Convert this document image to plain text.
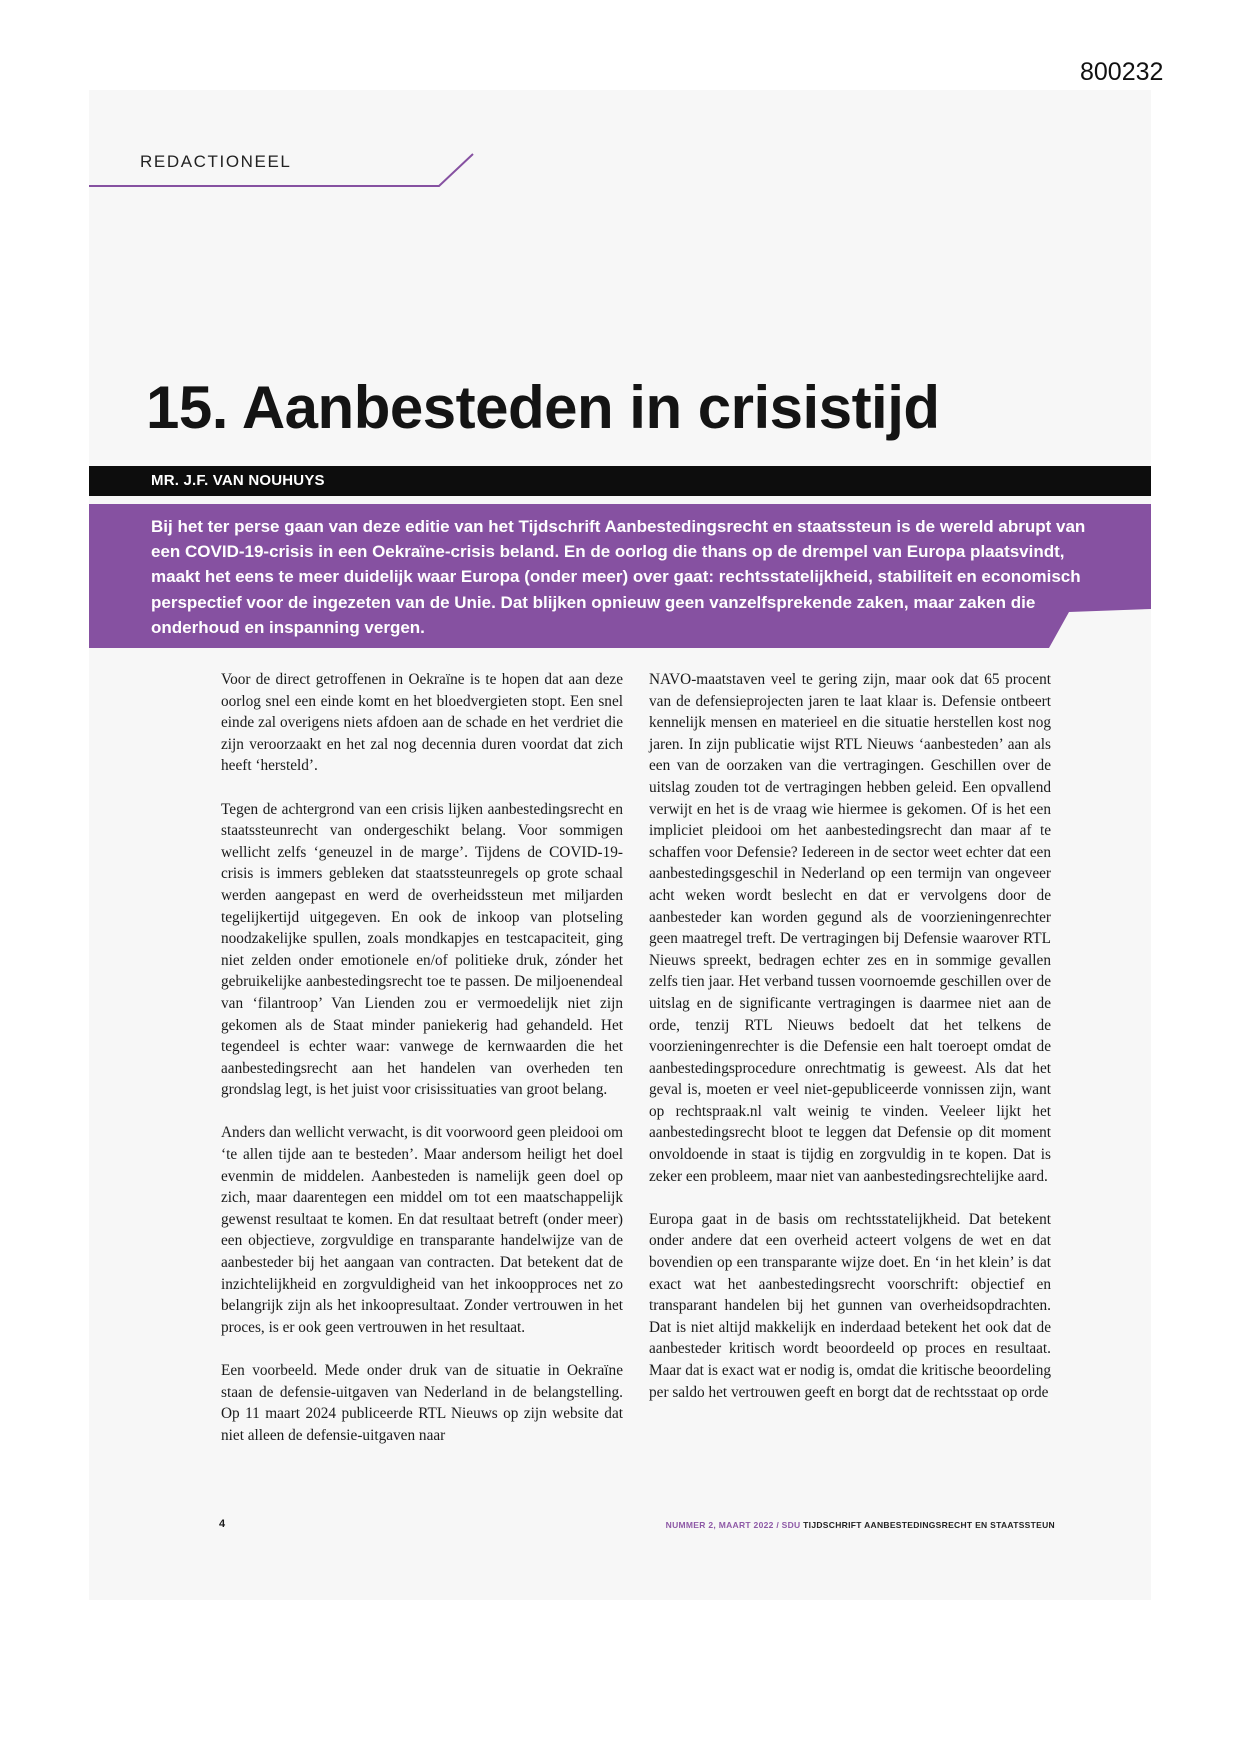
800232

REDACTIONEEL

15. Aanbesteden in crisistijd

MR. J.F. VAN NOUHUYS

Bij het ter perse gaan van deze editie van het Tijdschrift Aanbestedingsrecht en staatssteun is de wereld abrupt van een COVID-19-crisis in een Oekraïne-crisis beland. En de oorlog die thans op de drempel van Europa plaatsvindt, maakt het eens te meer duidelijk waar Europa (onder meer) over gaat: rechtsstatelijkheid, stabiliteit en economisch perspectief voor de ingezeten van de Unie. Dat blijken opnieuw geen vanzelfsprekende zaken, maar zaken die onderhoud en inspanning vergen.

Voor de direct getroffenen in Oekraïne is te hopen dat aan deze oorlog snel een einde komt en het bloedvergieten stopt. Een snel einde zal overigens niets afdoen aan de schade en het verdriet die zijn veroorzaakt en het zal nog decennia duren voordat dat zich heeft ‘hersteld’.

Tegen de achtergrond van een crisis lijken aanbestedingsrecht en staatssteunrecht van ondergeschikt belang. Voor sommigen wellicht zelfs ‘geneuzel in de marge’. Tijdens de COVID-19-crisis is immers gebleken dat staatssteunregels op grote schaal werden aangepast en werd de overheidssteun met miljarden tegelijkertijd uitgegeven. En ook de inkoop van plotseling noodzakelijke spullen, zoals mondkapjes en testcapaciteit, ging niet zelden onder emotionele en/of politieke druk, zónder het gebruikelijke aanbestedingsrecht toe te passen. De miljoenendeal van ‘filantroop’ Van Lienden zou er vermoedelijk niet zijn gekomen als de Staat minder paniekerig had gehandeld. Het tegendeel is echter waar: vanwege de kernwaarden die het aanbestedingsrecht aan het handelen van overheden ten grondslag legt, is het juist voor crisissituaties van groot belang.

Anders dan wellicht verwacht, is dit voorwoord geen pleidooi om ‘te allen tijde aan te besteden’. Maar andersom heiligt het doel evenmin de middelen. Aanbesteden is namelijk geen doel op zich, maar daarentegen een middel om tot een maatschappelijk gewenst resultaat te komen. En dat resultaat betreft (onder meer) een objectieve, zorgvuldige en transparante handelwijze van de aanbesteder bij het aangaan van contracten. Dat betekent dat de inzichtelijkheid en zorgvuldigheid van het inkoopproces net zo belangrijk zijn als het inkoopresultaat. Zonder vertrouwen in het proces, is er ook geen vertrouwen in het resultaat.

Een voorbeeld. Mede onder druk van de situatie in Oekraïne staan de defensie-uitgaven van Nederland in de belangstelling. Op 11 maart 2024 publiceerde RTL Nieuws op zijn website dat niet alleen de defensie-uitgaven naar

NAVO-maatstaven veel te gering zijn, maar ook dat 65 procent van de defensieprojecten jaren te laat klaar is. Defensie ontbeert kennelijk mensen en materieel en die situatie herstellen kost nog jaren. In zijn publicatie wijst RTL Nieuws ‘aanbesteden’ aan als een van de oorzaken van die vertragingen. Geschillen over de uitslag zouden tot de vertragingen hebben geleid. Een opvallend verwijt en het is de vraag wie hiermee is gekomen. Of is het een impliciet pleidooi om het aanbestedingsrecht dan maar af te schaffen voor Defensie? Iedereen in de sector weet echter dat een aanbestedingsgeschil in Nederland op een termijn van ongeveer acht weken wordt beslecht en dat er vervolgens door de aanbesteder kan worden gegund als de voorzieningenrechter geen maatregel treft. De vertragingen bij Defensie waarover RTL Nieuws spreekt, bedragen echter zes en in sommige gevallen zelfs tien jaar. Het verband tussen voornoemde geschillen over de uitslag en de significante vertragingen is daarmee niet aan de orde, tenzij RTL Nieuws bedoelt dat het telkens de voorzieningenrechter is die Defensie een halt toeroept omdat de aanbestedingsprocedure onrechtmatig is geweest. Als dat het geval is, moeten er veel niet-gepubliceerde vonnissen zijn, want op rechtspraak.nl valt weinig te vinden. Veeleer lijkt het aanbestedingsrecht bloot te leggen dat Defensie op dit moment onvoldoende in staat is tijdig en zorgvuldig in te kopen. Dat is zeker een probleem, maar niet van aanbestedingsrechtelijke aard.

Europa gaat in de basis om rechtsstatelijkheid. Dat betekent onder andere dat een overheid acteert volgens de wet en dat bovendien op een transparante wijze doet. En ‘in het klein’ is dat exact wat het aanbestedingsrecht voorschrift: objectief en transparant handelen bij het gunnen van overheidsopdrachten. Dat is niet altijd makkelijk en inderdaad betekent het ook dat de aanbesteder kritisch wordt beoordeeld op proces en resultaat. Maar dat is exact wat er nodig is, omdat die kritische beoordeling per saldo het vertrouwen geeft en borgt dat de rechtsstaat op orde

4	NUMMER 2, MAART 2022 / SDU TIJDSCHRIFT AANBESTEDINGSRECHT EN STAATSSTEUN
